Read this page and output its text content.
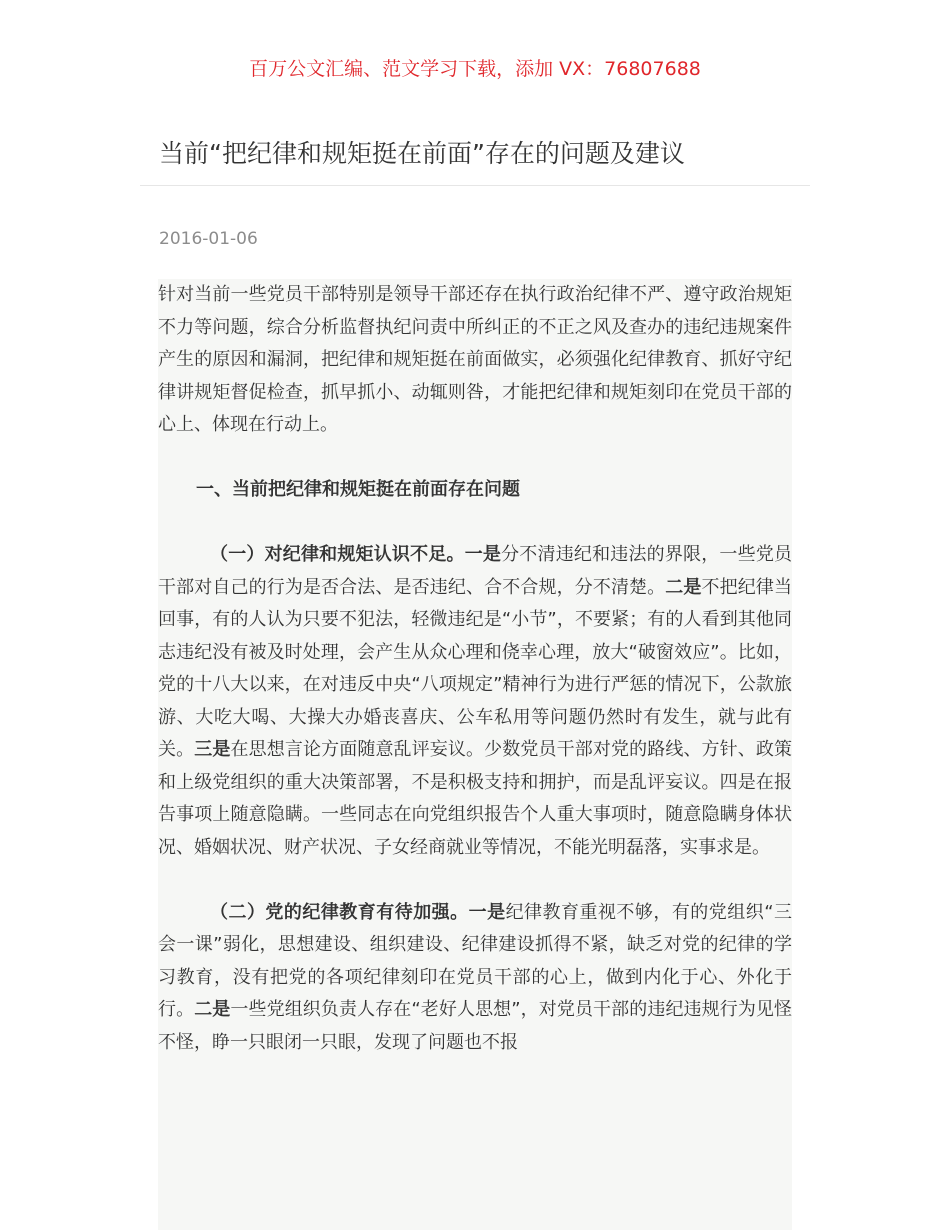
百万公文汇编、范文学习下载，添加 VX：76807688
当前“把纪律和规矩挺在前面”存在的问题及建议
2016-01-06

针对当前一些党员干部特别是领导干部还存在执行政治纪律不严、遵守政治规矩不力等问题，综合分析监督执纪问责中所纠正的不正之风及查办的违纪违规案件产生的原因和漏洞，把纪律和规矩挺在前面做实，必须强化纪律教育、抓好守纪律讲规矩督促检查，抓早抓小、动辄则咎，才能把纪律和规矩刻印在党员干部的心上、体现在行动上。

一、当前把纪律和规矩挺在前面存在问题

（一）对纪律和规矩认识不足。一是分不清违纪和违法的界限，一些党员干部对自己的行为是否合法、是否违纪、合不合规，分不清楚。二是不把纪律当回事，有的人认为只要不犯法，轻微违纪是“小节”，不要紧；有的人看到其他同志违纪没有被及时处理，会产生从众心理和侥幸心理，放大“破窗效应”。比如，党的十八大以来，在对违反中央“八项规定”精神行为进行严惩的情况下，公款旅游、大吃大喝、大操大办婚丧喜庆、公车私用等问题仍然时有发生，就与此有关。三是在思想言论方面随意乱评妄议。少数党员干部对党的路线、方针、政策和上级党组织的重大决策部署，不是积极支持和拥护，而是乱评妄议。四是在报告事项上随意隐瞒。一些同志在向党组织报告个人重大事项时，随意隐瞒身体状况、婚姻状况、财产状况、子女经商就业等情况，不能光明磊落，实事求是。

（二）党的纪律教育有待加强。一是纪律教育重视不够，有的党组织“三会一课”弱化，思想建设、组织建设、纪律建设抓得不紧，缺乏对党的纪律的学习教育，没有把党的各项纪律刻印在党员干部的心上，做到内化于心、外化于行。二是一些党组织负责人存在“老好人思想”，对党员干部的违纪违规行为见怪不怪，睁一只眼闭一只眼，发现了问题也不报
